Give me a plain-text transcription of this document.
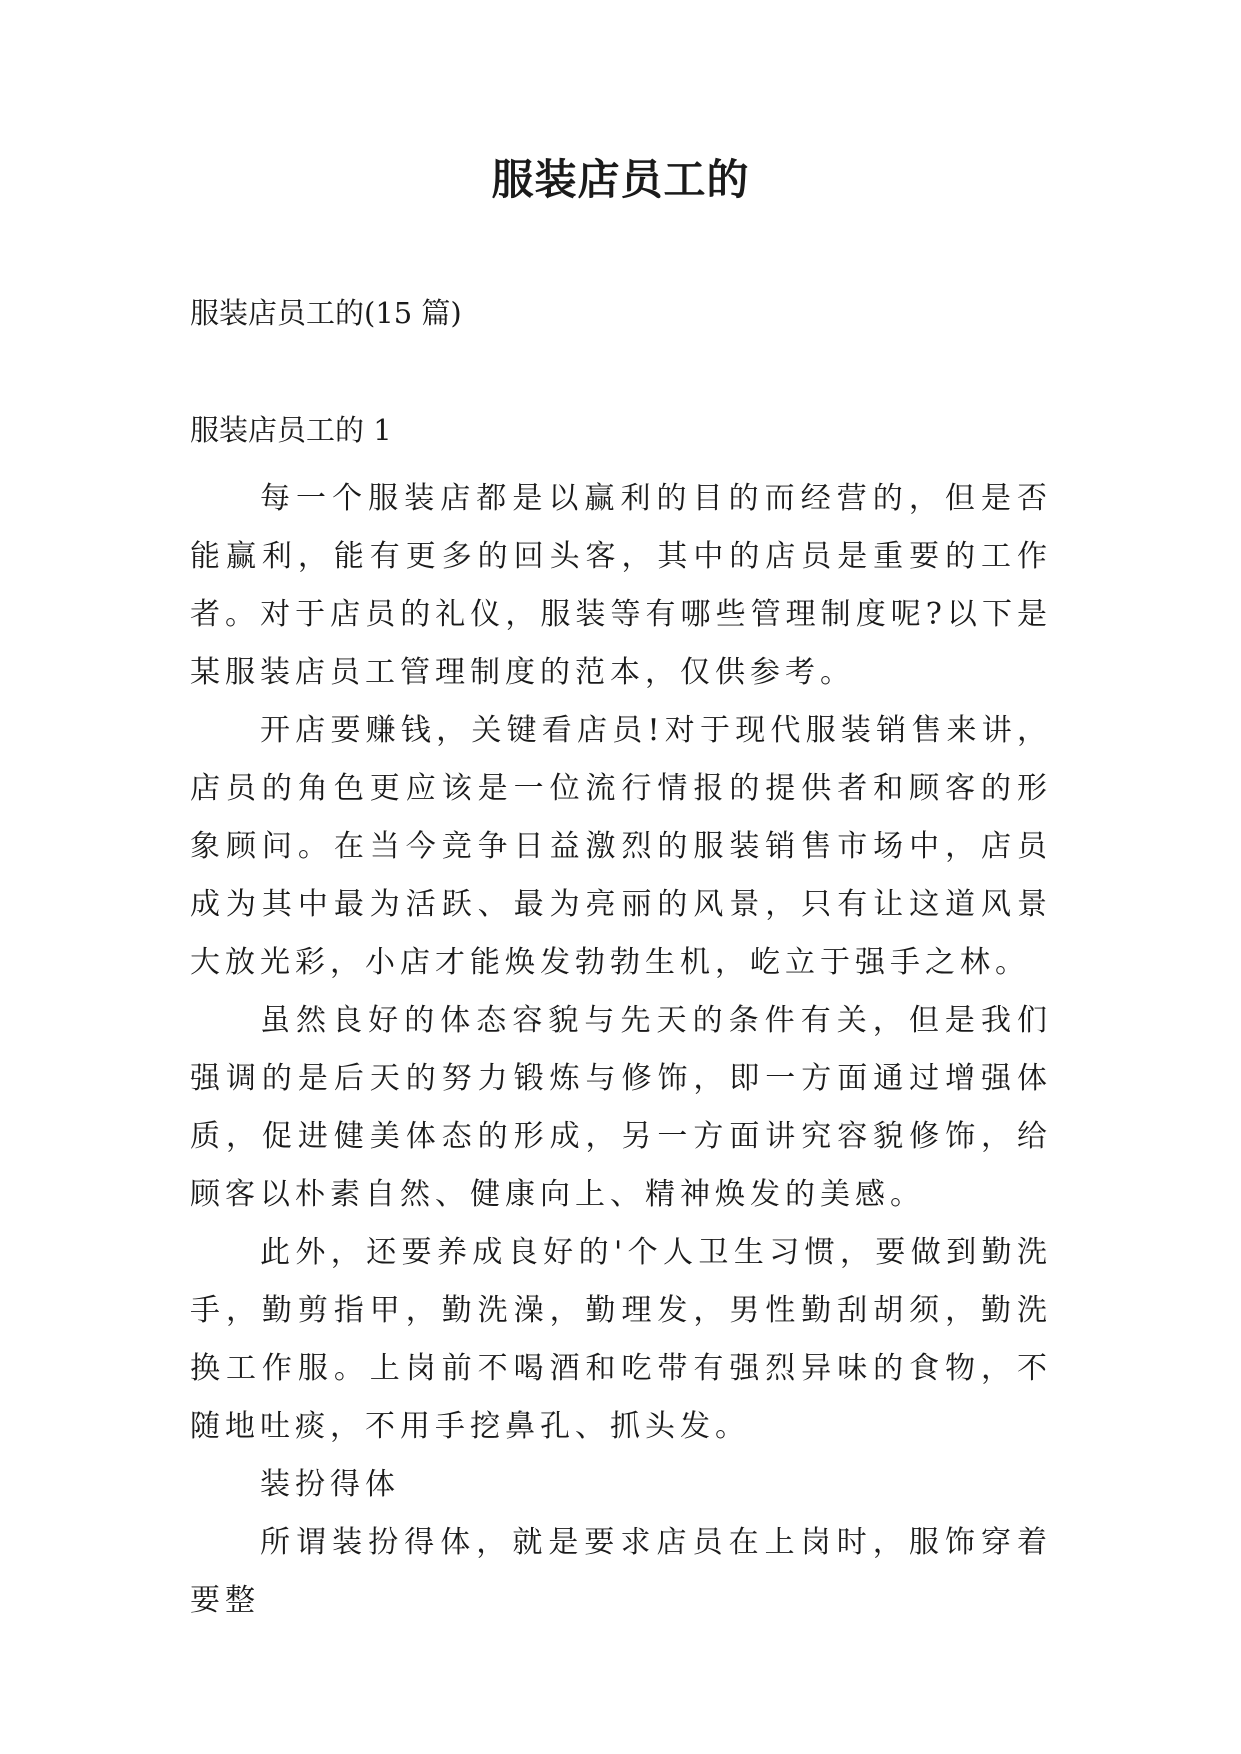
服装店员工的
服装店员工的(15 篇)
服装店员工的 1

每一个服装店都是以赢利的目的而经营的，但是否能赢利，能有更多的回头客，其中的店员是重要的工作者。对于店员的礼仪，服装等有哪些管理制度呢?以下是某服装店员工管理制度的范本，仅供参考。

开店要赚钱，关键看店员!对于现代服装销售来讲，店员的角色更应该是一位流行情报的提供者和顾客的形象顾问。在当今竞争日益激烈的服装销售市场中，店员成为其中最为活跃、最为亮丽的风景，只有让这道风景大放光彩，小店才能焕发勃勃生机，屹立于强手之林。

虽然良好的体态容貌与先天的条件有关，但是我们强调的是后天的努力锻炼与修饰，即一方面通过增强体质，促进健美体态的形成，另一方面讲究容貌修饰，给顾客以朴素自然、健康向上、精神焕发的美感。

此外，还要养成良好的'个人卫生习惯，要做到勤洗手，勤剪指甲，勤洗澡，勤理发，男性勤刮胡须，勤洗换工作服。上岗前不喝酒和吃带有强烈异味的食物，不随地吐痰，不用手挖鼻孔、抓头发。

装扮得体

所谓装扮得体，就是要求店员在上岗时，服饰穿着要整
